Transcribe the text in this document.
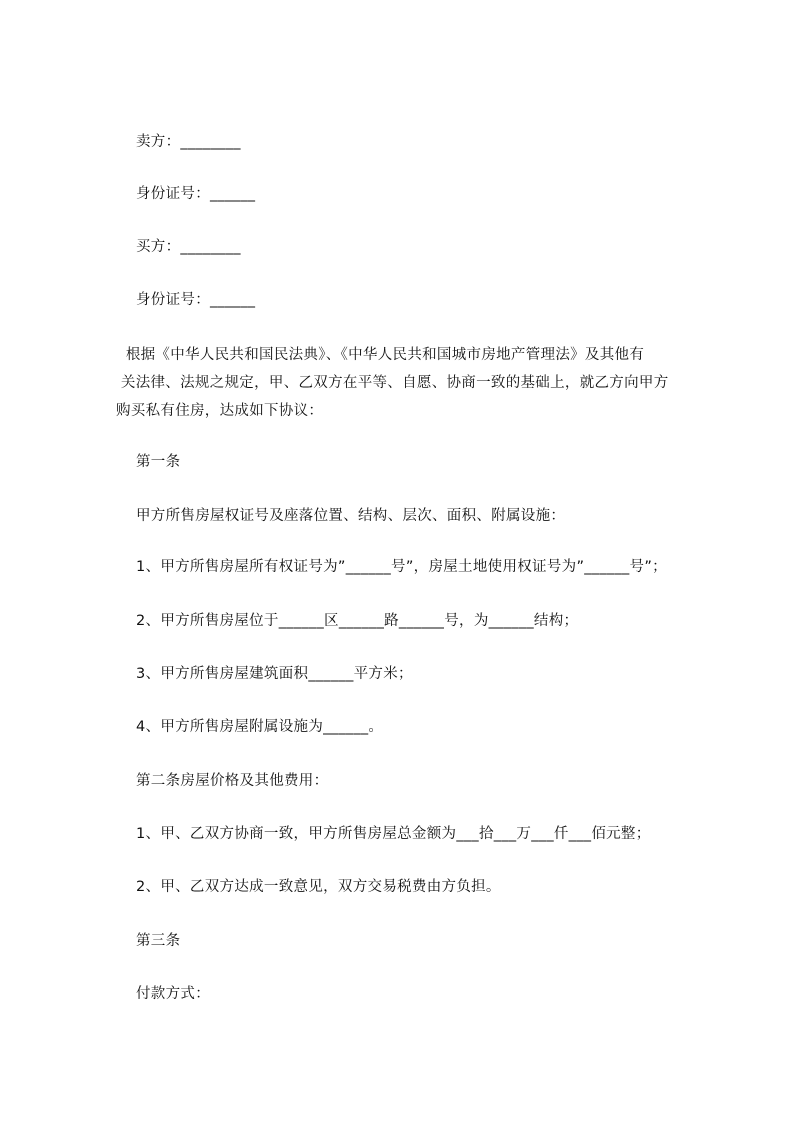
卖方：________
身份证号：______
买方：________
身份证号：______
根据《中华人民共和国民法典》、《中华人民共和国城市房地产管理法》及其他有
关法律、法规之规定，甲、乙双方在平等、自愿、协商一致的基础上，就乙方向甲方
购买私有住房，达成如下协议：
第一条
甲方所售房屋权证号及座落位置、结构、层次、面积、附属设施：
1、甲方所售房屋所有权证号为”______号”，房屋土地使用权证号为”______号”；
2、甲方所售房屋位于______区______路______号，为______结构；
3、甲方所售房屋建筑面积______平方米；
4、甲方所售房屋附属设施为______。
第二条房屋价格及其他费用：
1、甲、乙双方协商一致，甲方所售房屋总金额为___拾___万___仟___佰元整；
2、甲、乙双方达成一致意见，双方交易税费由方负担。
第三条
付款方式：
